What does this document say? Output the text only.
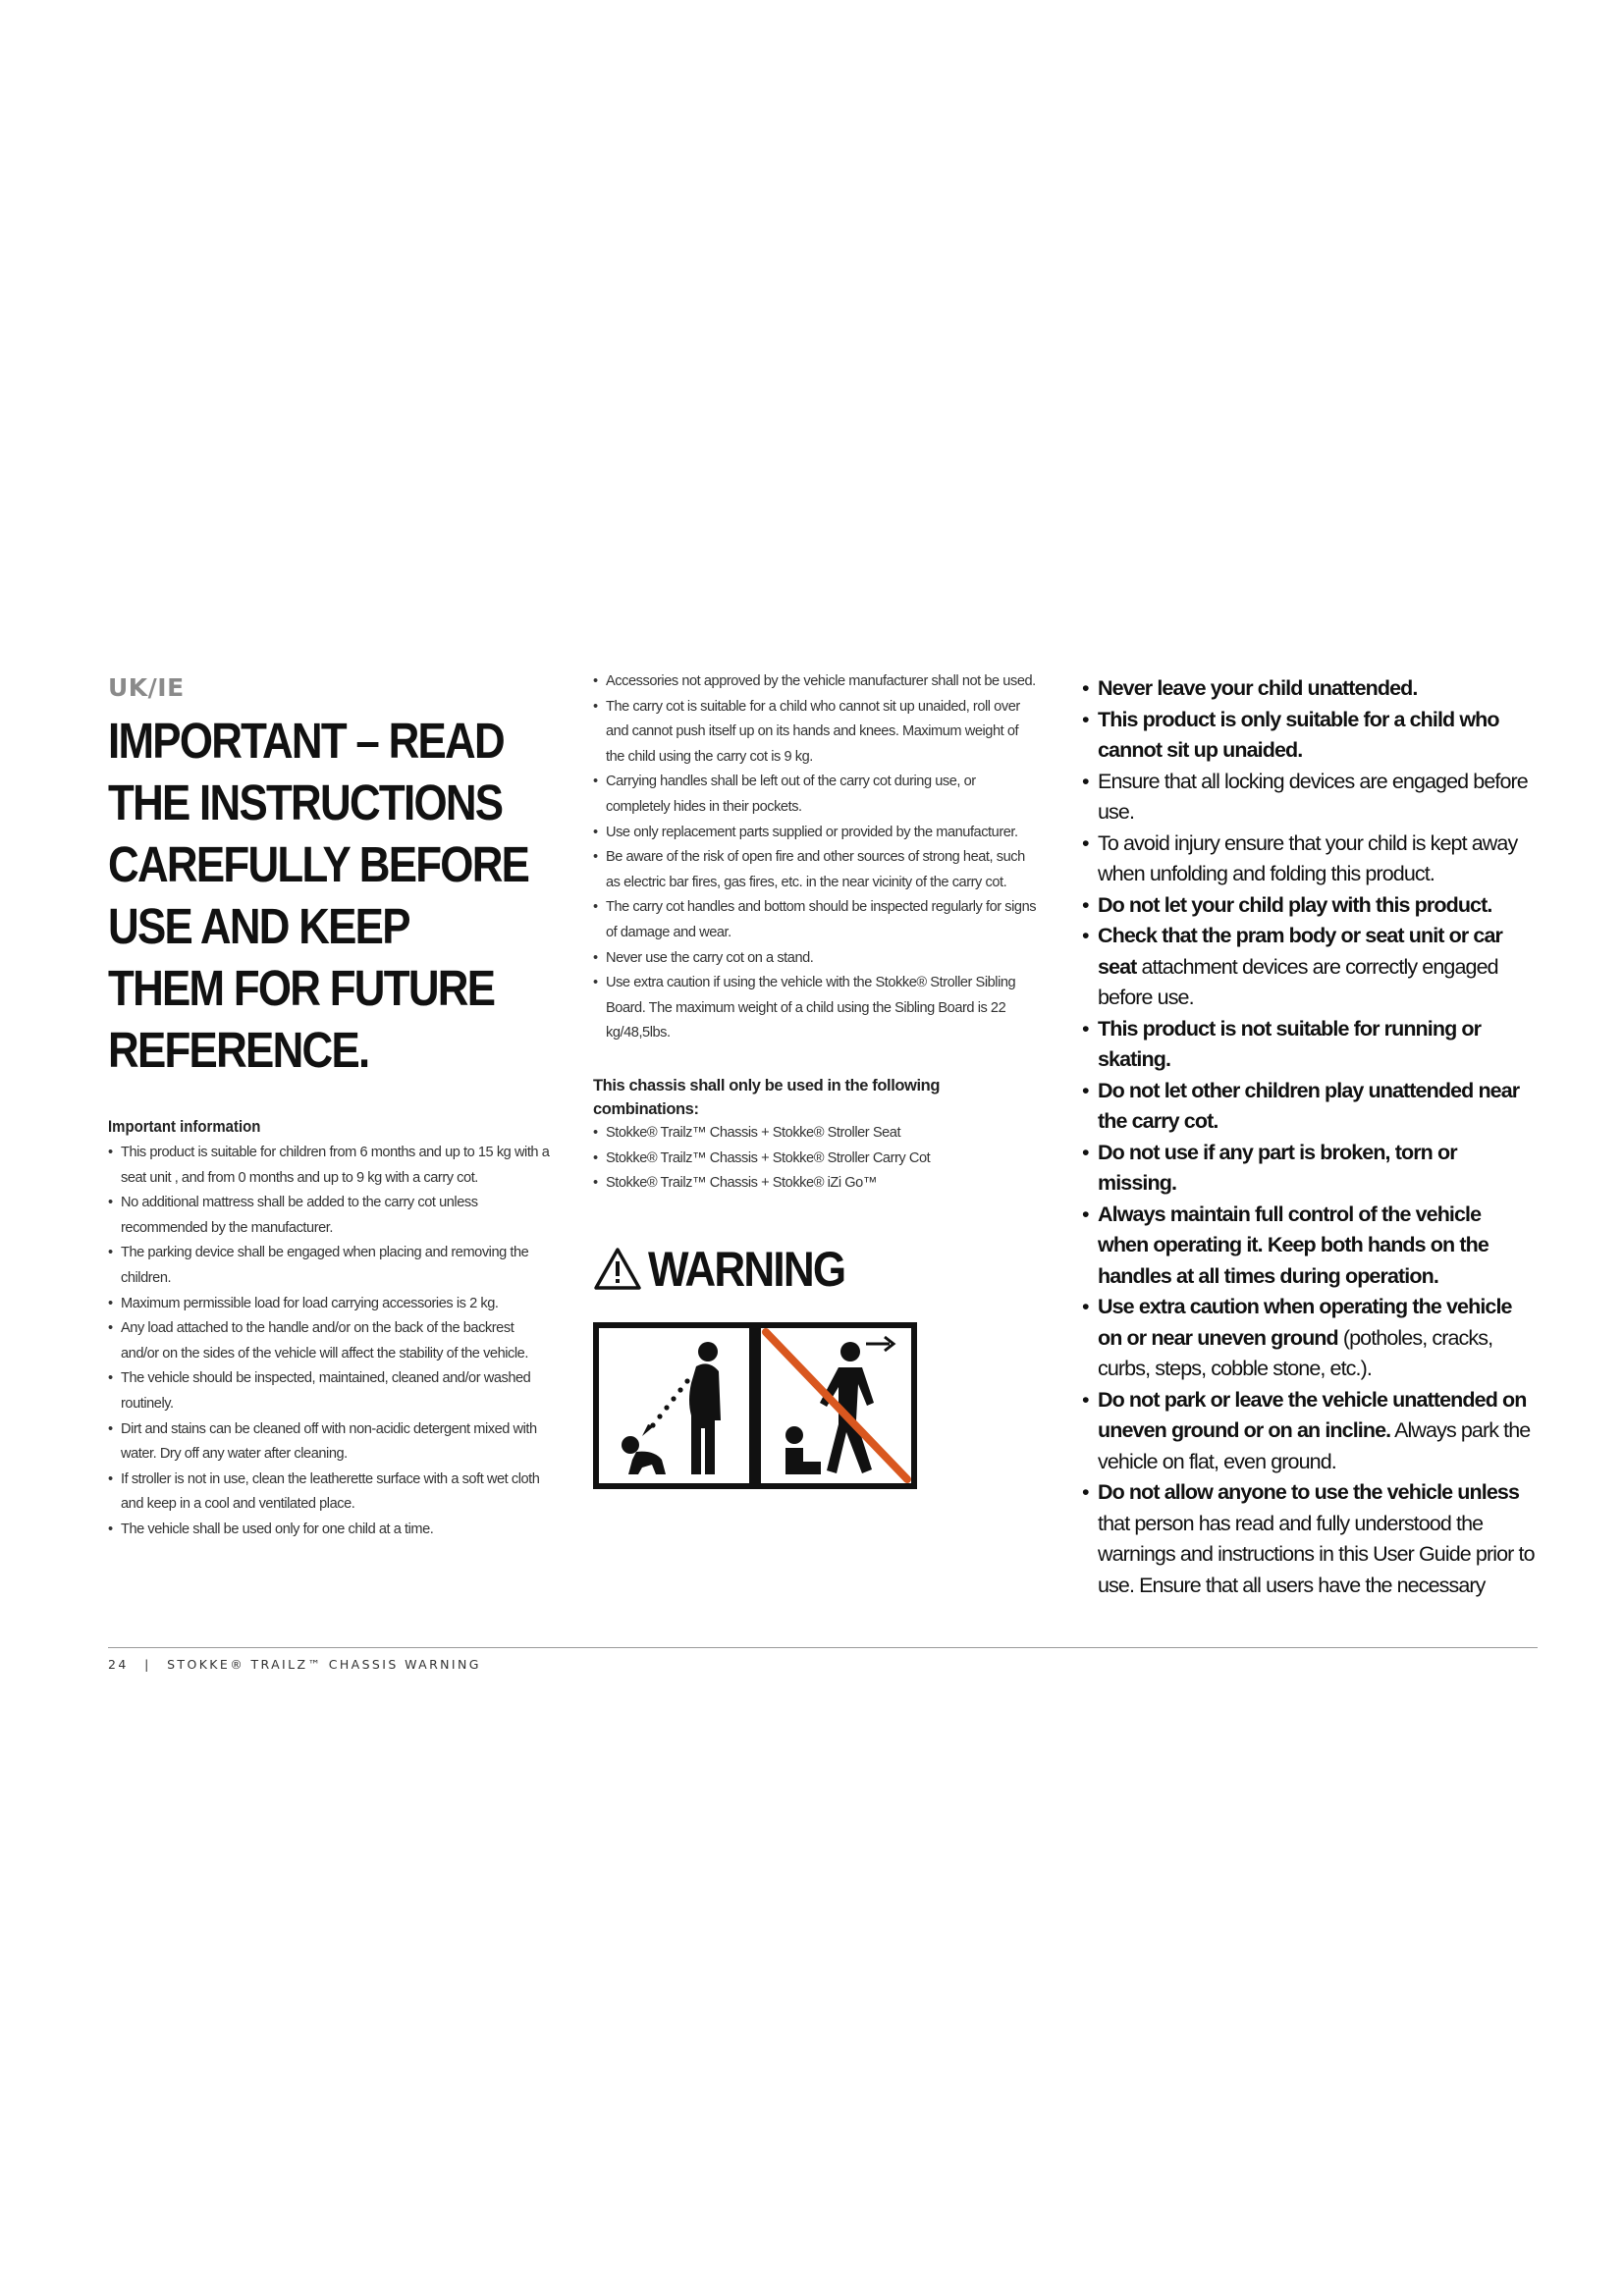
UK/IE
IMPORTANT – READ
THE INSTRUCTIONS
CAREFULLY BEFORE
USE AND KEEP
THEM FOR FUTURE
REFERENCE.
Important information
• This product is suitable for children from 6 months and up to 15 kg with a seat unit , and from 0 months and up to 9 kg with a carry cot.
• No additional mattress shall be added to the carry cot unless recommended by the manufacturer.
• The parking device shall be engaged when placing and removing the children.
• Maximum permissible load for load carrying accessories is 2 kg.
• Any load attached to the handle and/or on the back of the backrest and/or on the sides of the vehicle will affect the stability of the vehicle.
• The vehicle should be inspected, maintained, cleaned and/or washed routinely.
• Dirt and stains can be cleaned off with non-acidic detergent mixed with water. Dry off any water after cleaning.
• If stroller is not in use, clean the leatherette surface with a soft wet cloth and keep in a cool and ventilated place.
• The vehicle shall be used only for one child at a time.
• Accessories not approved by the vehicle manufacturer shall not be used.
• The carry cot is suitable for a child who cannot sit up unaided, roll over and cannot push itself up on its hands and knees. Maximum weight of the child using the carry cot is 9 kg.
• Carrying handles shall be left out of the carry cot during use, or completely hides in their pockets.
• Use only replacement parts supplied or provided by the manufacturer.
• Be aware of the risk of open fire and other sources of strong heat, such as electric bar fires, gas fires, etc. in the near vicinity of the carry cot.
• The carry cot handles and bottom should be inspected regularly for signs of damage and wear.
• Never use the carry cot on a stand.
• Use extra caution if using the vehicle with the Stokke® Stroller Sibling Board. The maximum weight of a child using the Sibling Board is 22 kg/48,5lbs.
This chassis shall only be used in the following combinations:
• Stokke® Trailz™ Chassis + Stokke® Stroller Seat
• Stokke® Trailz™ Chassis + Stokke® Stroller Carry Cot
• Stokke® Trailz™ Chassis + Stokke® iZi Go™
WARNING
• Never leave your child unattended.
• This product is only suitable for a child who cannot sit up unaided.
• Ensure that all locking devices are engaged before use.
• To avoid injury ensure that your child is kept away when unfolding and folding this product.
• Do not let your child play with this product.
• Check that the pram body or seat unit or car seat attachment devices are correctly engaged before use.
• This product is not suitable for running or skating.
• Do not let other children play unattended near the carry cot.
• Do not use if any part is broken, torn or missing.
• Always maintain full control of the vehicle when operating it. Keep both hands on the handles at all times during operation.
• Use extra caution when operating the vehicle on or near uneven ground (potholes, cracks, curbs, steps, cobble stone, etc.).
• Do not park or leave the vehicle unattended on uneven ground or on an incline. Always park the vehicle on flat, even ground.
• Do not allow anyone to use the vehicle unless that person has read and fully understood the warnings and instructions in this User Guide prior to use. Ensure that all users have the necessary
24 | STOKKE® TRAILZ™ CHASSIS WARNING
